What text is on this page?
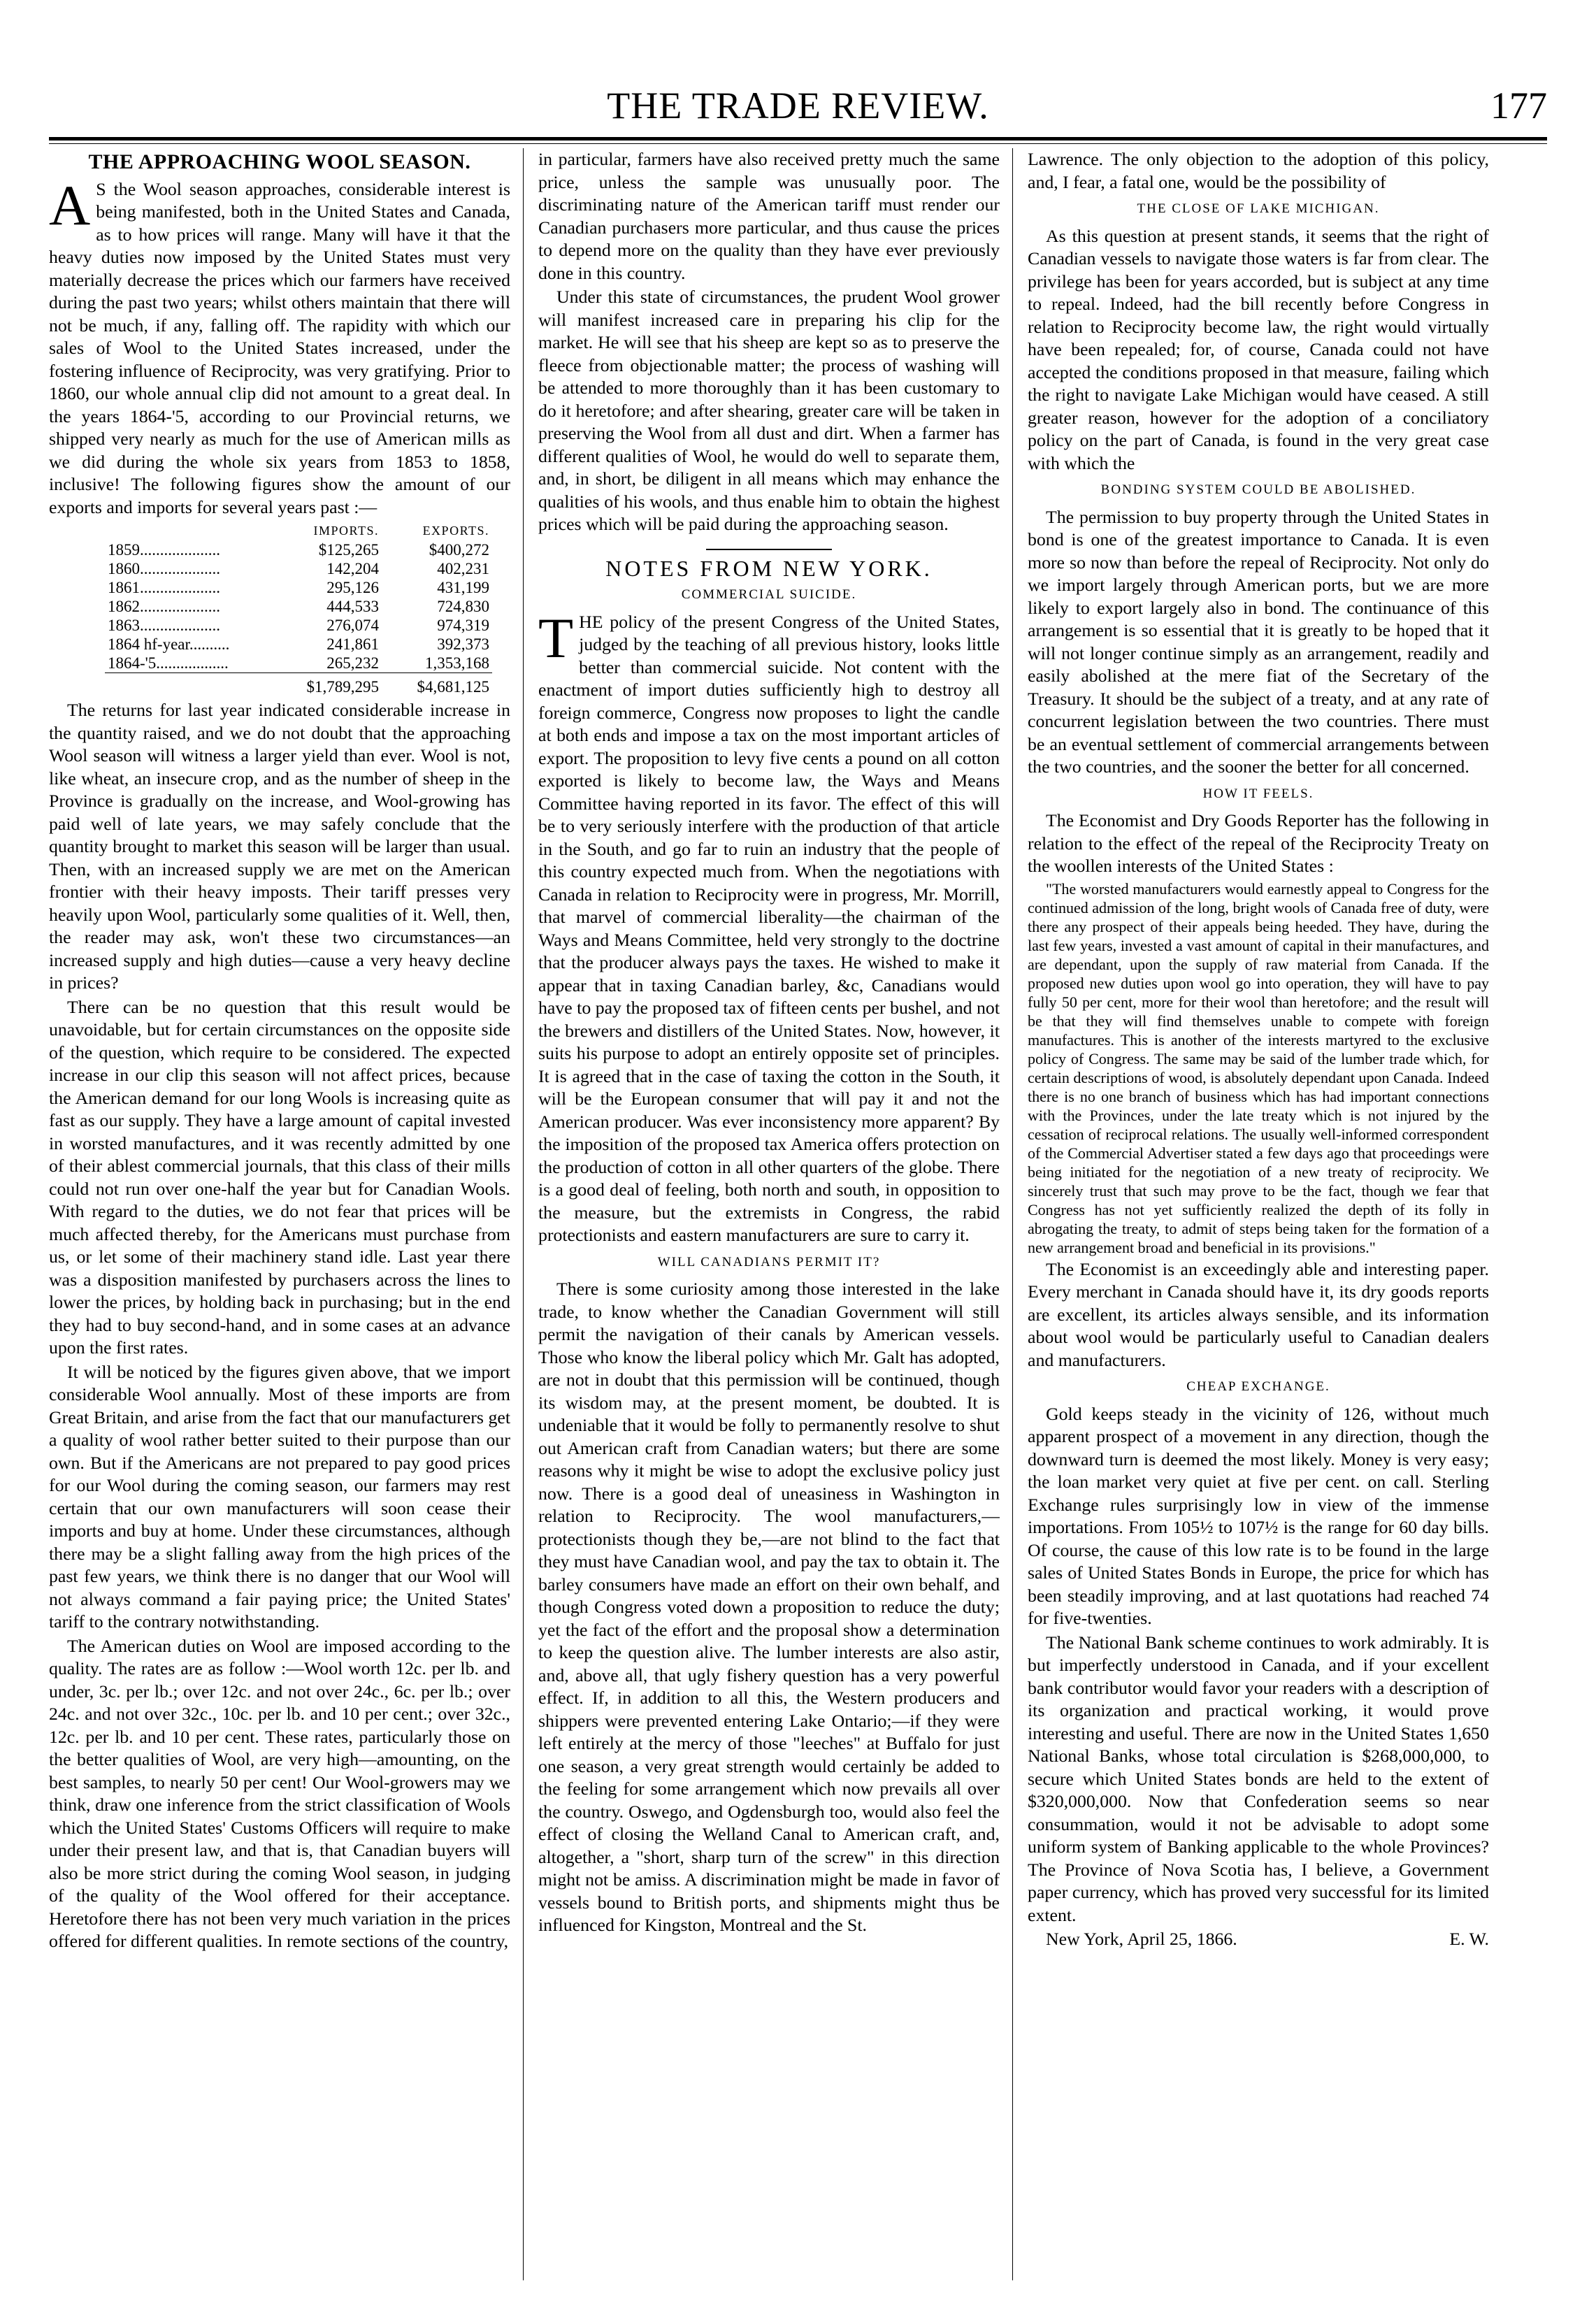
THE TRADE REVIEW.	177
THE APPROACHING WOOL SEASON.

AS the Wool season approaches, considerable interest is being manifested, both in the United States and Canada, as to how prices will range. Many will have it that the heavy duties now imposed by the United States must very materially decrease the prices which our farmers have received during the past two years; whilst others maintain that there will not be much, if any, falling off. The rapidity with which our sales of Wool to the United States increased, under the fostering influence of Reciprocity, was very gratifying. Prior to 1860, our whole annual clip did not amount to a great deal. In the years 1864-'5, according to our Provincial returns, we shipped very nearly as much for the use of American mills as we did during the whole six years from 1853 to 1858, inclusive! The following figures show the amount of our exports and imports for several years past :—

	IMPORTS.	EXPORTS.
1859....................	$125,265	$400,272
1860....................	142,204	402,231
1861....................	295,126	431,199
1862....................	444,533	724,830
1863....................	276,074	974,319
1864 hf-year..........	241,861	392,373
1864-'5..................	265,232	1,353,168
	$1,789,295	$4,681,125

The returns for last year indicated considerable increase in the quantity raised, and we do not doubt that the approaching Wool season will witness a larger yield than ever. Wool is not, like wheat, an insecure crop, and as the number of sheep in the Province is gradually on the increase, and Wool-growing has paid well of late years, we may safely conclude that the quantity brought to market this season will be larger than usual. Then, with an increased supply we are met on the American frontier with their heavy imposts. Their tariff presses very heavily upon Wool, particularly some qualities of it. Well, then, the reader may ask, won't these two circumstances—an increased supply and high duties—cause a very heavy decline in prices?

There can be no question that this result would be unavoidable, but for certain circumstances on the opposite side of the question, which require to be considered. The expected increase in our clip this season will not affect prices, because the American demand for our long Wools is increasing quite as fast as our supply. They have a large amount of capital invested in worsted manufactures, and it was recently admitted by one of their ablest commercial journals, that this class of their mills could not run over one-half the year but for Canadian Wools. With regard to the duties, we do not fear that prices will be much affected thereby, for the Americans must purchase from us, or let some of their machinery stand idle. Last year there was a disposition manifested by purchasers across the lines to lower the prices, by holding back in purchasing; but in the end they had to buy second-hand, and in some cases at an advance upon the first rates.

It will be noticed by the figures given above, that we import considerable Wool annually. Most of these imports are from Great Britain, and arise from the fact that our manufacturers get a quality of wool rather better suited to their purpose than our own. But if the Americans are not prepared to pay good prices for our Wool during the coming season, our farmers may rest certain that our own manufacturers will soon cease their imports and buy at home. Under these circumstances, although there may be a slight falling away from the high prices of the past few years, we think there is no danger that our Wool will not always command a fair paying price; the United States' tariff to the contrary notwithstanding.

The American duties on Wool are imposed according to the quality. The rates are as follow :—Wool worth 12c. per lb. and under, 3c. per lb.; over 12c. and not over 24c., 6c. per lb.; over 24c. and not over 32c., 10c. per lb. and 10 per cent.; over 32c., 12c. per lb. and 10 per cent. These rates, particularly those on the better qualities of Wool, are very high—amounting, on the best samples, to nearly 50 per cent! Our Wool-growers may we think, draw one inference from the strict classification of Wools which the United States' Customs Officers will require to make under their present law, and that is, that Canadian buyers will also be more strict during the coming Wool season, in judging of the quality of the Wool offered for their acceptance. Heretofore there has not been very much variation in the prices offered for different qualities. In remote sections of the country,

in particular, farmers have also received pretty much the same price, unless the sample was unusually poor. The discriminating nature of the American tariff must render our Canadian purchasers more particular, and thus cause the prices to depend more on the quality than they have ever previously done in this country.

Under this state of circumstances, the prudent Wool grower will manifest increased care in preparing his clip for the market. He will see that his sheep are kept so as to preserve the fleece from objectionable matter; the process of washing will be attended to more thoroughly than it has been customary to do it heretofore; and after shearing, greater care will be taken in preserving the Wool from all dust and dirt. When a farmer has different qualities of Wool, he would do well to separate them, and, in short, be diligent in all means which may enhance the qualities of his wools, and thus enable him to obtain the highest prices which will be paid during the approaching season.

NOTES FROM NEW YORK.
COMMERCIAL SUICIDE.

THE policy of the present Congress of the United States, judged by the teaching of all previous history, looks little better than commercial suicide. Not content with the enactment of import duties sufficiently high to destroy all foreign commerce, Congress now proposes to light the candle at both ends and impose a tax on the most important articles of export. The proposition to levy five cents a pound on all cotton exported is likely to become law, the Ways and Means Committee having reported in its favor. The effect of this will be to very seriously interfere with the production of that article in the South, and go far to ruin an industry that the people of this country expected much from. When the negotiations with Canada in relation to Reciprocity were in progress, Mr. Morrill, that marvel of commercial liberality—the chairman of the Ways and Means Committee, held very strongly to the doctrine that the producer always pays the taxes. He wished to make it appear that in taxing Canadian barley, &c, Canadians would have to pay the proposed tax of fifteen cents per bushel, and not the brewers and distillers of the United States. Now, however, it suits his purpose to adopt an entirely opposite set of principles. It is agreed that in the case of taxing the cotton in the South, it will be the European consumer that will pay it and not the American producer. Was ever inconsistency more apparent? By the imposition of the proposed tax America offers protection on the production of cotton in all other quarters of the globe. There is a good deal of feeling, both north and south, in opposition to the measure, but the extremists in Congress, the rabid protectionists and eastern manufacturers are sure to carry it.

WILL CANADIANS PERMIT IT?

There is some curiosity among those interested in the lake trade, to know whether the Canadian Government will still permit the navigation of their canals by American vessels. Those who know the liberal policy which Mr. Galt has adopted, are not in doubt that this permission will be continued, though its wisdom may, at the present moment, be doubted. It is undeniable that it would be folly to permanently resolve to shut out American craft from Canadian waters; but there are some reasons why it might be wise to adopt the exclusive policy just now. There is a good deal of uneasiness in Washington in relation to Reciprocity. The wool manufacturers,—protectionists though they be,—are not blind to the fact that they must have Canadian wool, and pay the tax to obtain it. The barley consumers have made an effort on their own behalf, and though Congress voted down a proposition to reduce the duty; yet the fact of the effort and the proposal show a determination to keep the question alive. The lumber interests are also astir, and, above all, that ugly fishery question has a very powerful effect. If, in addition to all this, the Western producers and shippers were prevented entering Lake Ontario;—if they were left entirely at the mercy of those "leeches" at Buffalo for just one season, a very great strength would certainly be added to the feeling for some arrangement which now prevails all over the country. Oswego, and Ogdensburgh too, would also feel the effect of closing the Welland Canal to American craft, and, altogether, a "short, sharp turn of the screw" in this direction might not be amiss. A discrimination might be made in favor of vessels bound to British ports, and shipments might thus be influenced for Kingston, Montreal and the St.

Lawrence. The only objection to the adoption of this policy, and, I fear, a fatal one, would be the possibility of

THE CLOSE OF LAKE MICHIGAN.

As this question at present stands, it seems that the right of Canadian vessels to navigate those waters is far from clear. The privilege has been for years accorded, but is subject at any time to repeal. Indeed, had the bill recently before Congress in relation to Reciprocity become law, the right would virtually have been repealed; for, of course, Canada could not have accepted the conditions proposed in that measure, failing which the right to navigate Lake Michigan would have ceased. A still greater reason, however for the adoption of a conciliatory policy on the part of Canada, is found in the very great case with which the

BONDING SYSTEM COULD BE ABOLISHED.

The permission to buy property through the United States in bond is one of the greatest importance to Canada. It is even more so now than before the repeal of Reciprocity. Not only do we import largely through American ports, but we are more likely to export largely also in bond. The continuance of this arrangement is so essential that it is greatly to be hoped that it will not longer continue simply as an arrangement, readily and easily abolished at the mere fiat of the Secretary of the Treasury. It should be the subject of a treaty, and at any rate of concurrent legislation between the two countries. There must be an eventual settlement of commercial arrangements between the two countries, and the sooner the better for all concerned.

HOW IT FEELS.

The Economist and Dry Goods Reporter has the following in relation to the effect of the repeal of the Reciprocity Treaty on the woollen interests of the United States :

"The worsted manufacturers would earnestly appeal to Congress for the continued admission of the long, bright wools of Canada free of duty, were there any prospect of their appeals being heeded. They have, during the last few years, invested a vast amount of capital in their manufactures, and are dependant, upon the supply of raw material from Canada. If the proposed new duties upon wool go into operation, they will have to pay fully 50 per cent, more for their wool than heretofore; and the result will be that they will find themselves unable to compete with foreign manufactures. This is another of the interests martyred to the exclusive policy of Congress. The same may be said of the lumber trade which, for certain descriptions of wood, is absolutely dependant upon Canada. Indeed there is no one branch of business which has had important connections with the Provinces, under the late treaty which is not injured by the cessation of reciprocal relations. The usually well-informed correspondent of the Commercial Advertiser stated a few days ago that proceedings were being initiated for the negotiation of a new treaty of reciprocity. We sincerely trust that such may prove to be the fact, though we fear that Congress has not yet sufficiently realized the depth of its folly in abrogating the treaty, to admit of steps being taken for the formation of a new arrangement broad and beneficial in its provisions."

The Economist is an exceedingly able and interesting paper. Every merchant in Canada should have it, its dry goods reports are excellent, its articles always sensible, and its information about wool would be particularly useful to Canadian dealers and manufacturers.

CHEAP EXCHANGE.

Gold keeps steady in the vicinity of 126, without much apparent prospect of a movement in any direction, though the downward turn is deemed the most likely. Money is very easy; the loan market very quiet at five per cent. on call. Sterling Exchange rules surprisingly low in view of the immense importations. From 105½ to 107½ is the range for 60 day bills. Of course, the cause of this low rate is to be found in the large sales of United States Bonds in Europe, the price for which has been steadily improving, and at last quotations had reached 74 for five-twenties.

The National Bank scheme continues to work admirably. It is but imperfectly understood in Canada, and if your excellent bank contributor would favor your readers with a description of its organization and practical working, it would prove interesting and useful. There are now in the United States 1,650 National Banks, whose total circulation is $268,000,000, to secure which United States bonds are held to the extent of $320,000,000. Now that Confederation seems so near consummation, would it not be advisable to adopt some uniform system of Banking applicable to the whole Provinces? The Province of Nova Scotia has, I believe, a Government paper currency, which has proved very successful for its limited extent.

New York, April 25, 1866.	E. W.
